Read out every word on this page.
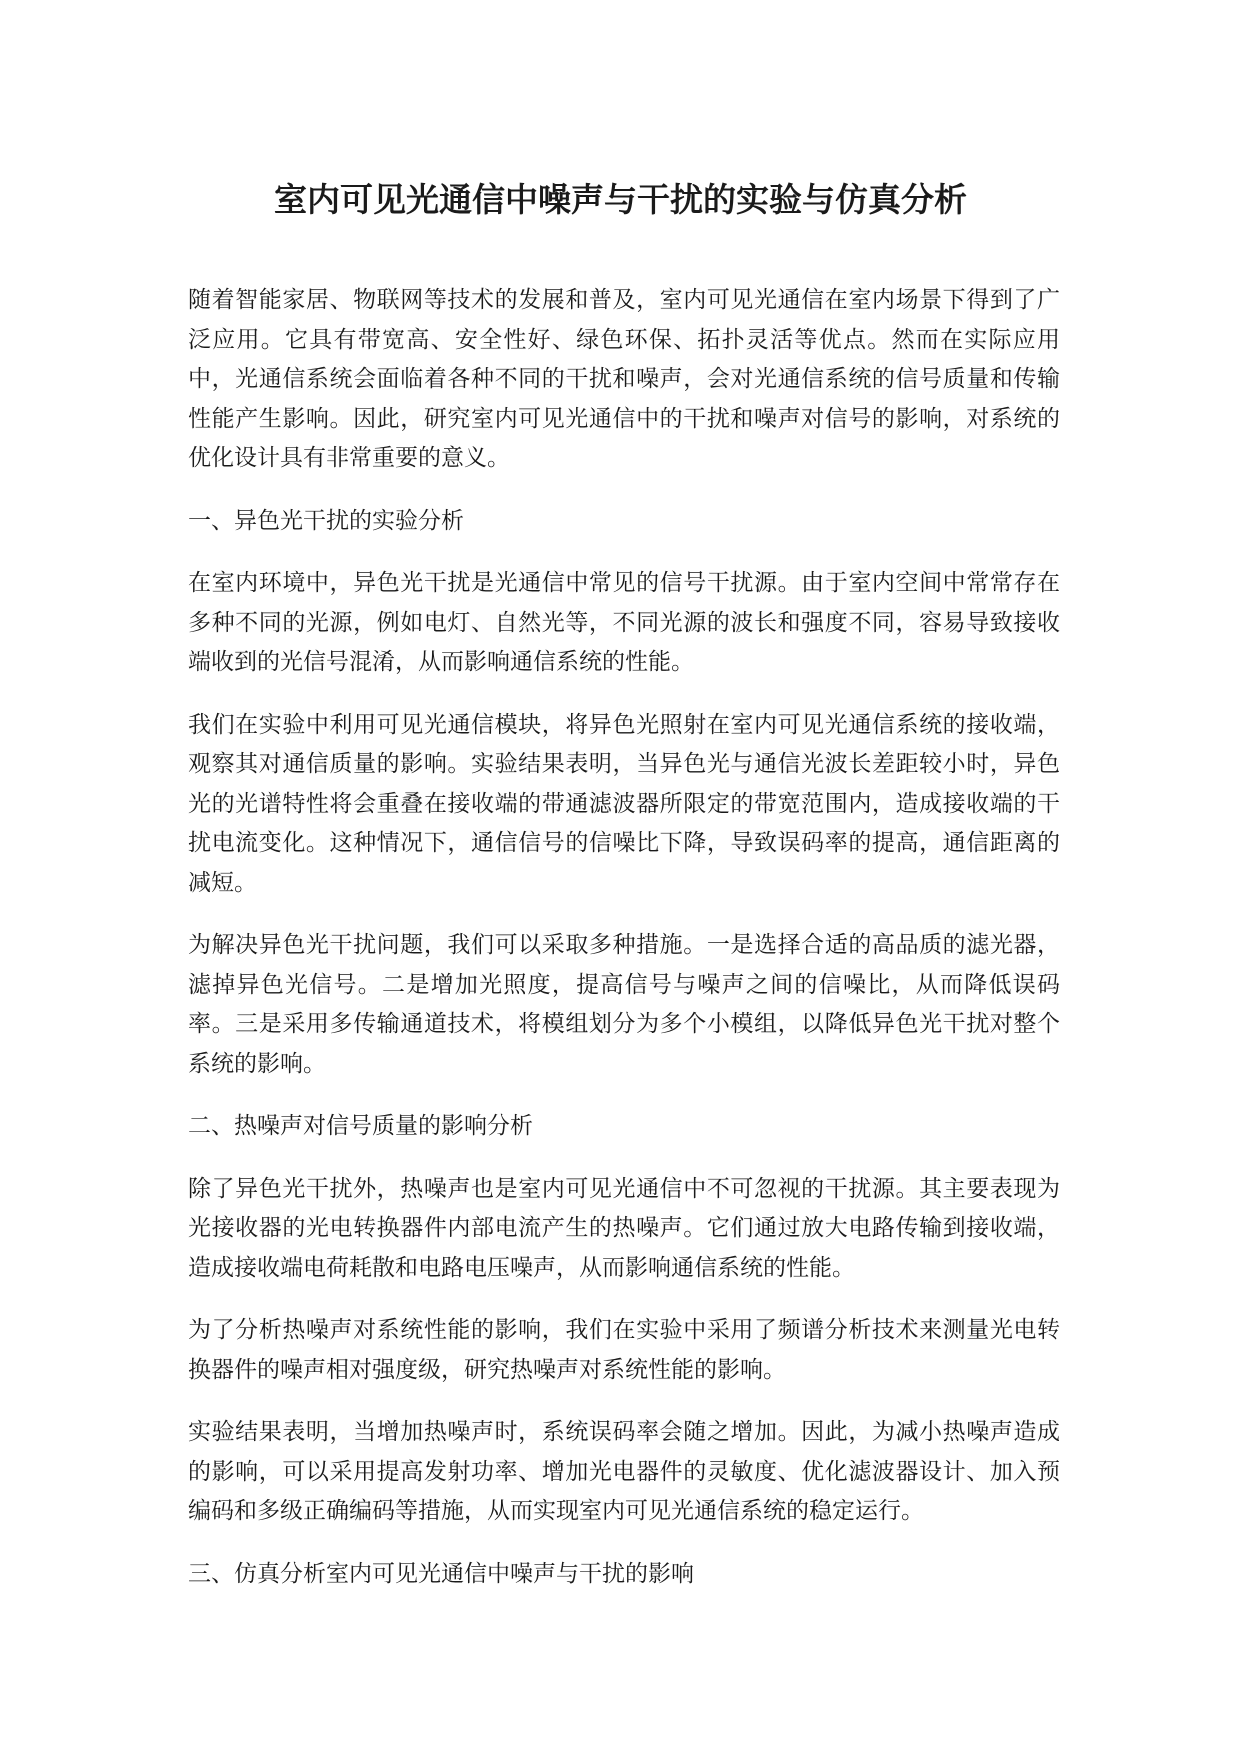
室内可见光通信中噪声与干扰的实验与仿真分析

随着智能家居、物联网等技术的发展和普及，室内可见光通信在室内场景下得到了广泛应用。它具有带宽高、安全性好、绿色环保、拓扑灵活等优点。然而在实际应用中，光通信系统会面临着各种不同的干扰和噪声，会对光通信系统的信号质量和传输性能产生影响。因此，研究室内可见光通信中的干扰和噪声对信号的影响，对系统的优化设计具有非常重要的意义。

一、异色光干扰的实验分析

在室内环境中，异色光干扰是光通信中常见的信号干扰源。由于室内空间中常常存在多种不同的光源，例如电灯、自然光等，不同光源的波长和强度不同，容易导致接收端收到的光信号混淆，从而影响通信系统的性能。

我们在实验中利用可见光通信模块，将异色光照射在室内可见光通信系统的接收端，观察其对通信质量的影响。实验结果表明，当异色光与通信光波长差距较小时，异色光的光谱特性将会重叠在接收端的带通滤波器所限定的带宽范围内，造成接收端的干扰电流变化。这种情况下，通信信号的信噪比下降，导致误码率的提高，通信距离的减短。

为解决异色光干扰问题，我们可以采取多种措施。一是选择合适的高品质的滤光器，滤掉异色光信号。二是增加光照度，提高信号与噪声之间的信噪比，从而降低误码率。三是采用多传输通道技术，将模组划分为多个小模组，以降低异色光干扰对整个系统的影响。

二、热噪声对信号质量的影响分析

除了异色光干扰外，热噪声也是室内可见光通信中不可忽视的干扰源。其主要表现为光接收器的光电转换器件内部电流产生的热噪声。它们通过放大电路传输到接收端，造成接收端电荷耗散和电路电压噪声，从而影响通信系统的性能。

为了分析热噪声对系统性能的影响，我们在实验中采用了频谱分析技术来测量光电转换器件的噪声相对强度级，研究热噪声对系统性能的影响。

实验结果表明，当增加热噪声时，系统误码率会随之增加。因此，为减小热噪声造成的影响，可以采用提高发射功率、增加光电器件的灵敏度、优化滤波器设计、加入预编码和多级正确编码等措施，从而实现室内可见光通信系统的稳定运行。

三、仿真分析室内可见光通信中噪声与干扰的影响
